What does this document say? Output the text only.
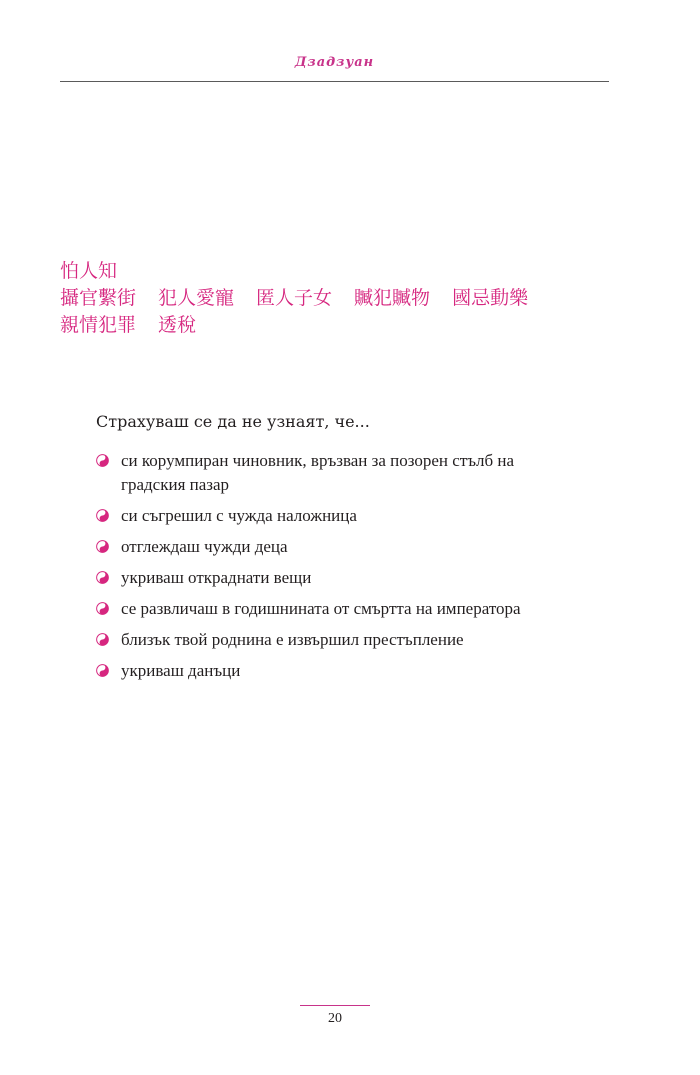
Дзадзуан
怕人知
攝官繫街 犯人愛寵 匿人子女 贓犯贓物 國忌動樂
親情犯罪 透稅
Страхуваш се да не узнаят, че...
си корумпиран чиновник, връзван за позорен стълб на
градския пазар
си съгрешил с чужда наложница
отглеждаш чужди деца
укриваш откраднати вещи
се развличаш в годишнината от смъртта на императора
близък твой роднина е извършил престъпление
укриваш данъци
20
